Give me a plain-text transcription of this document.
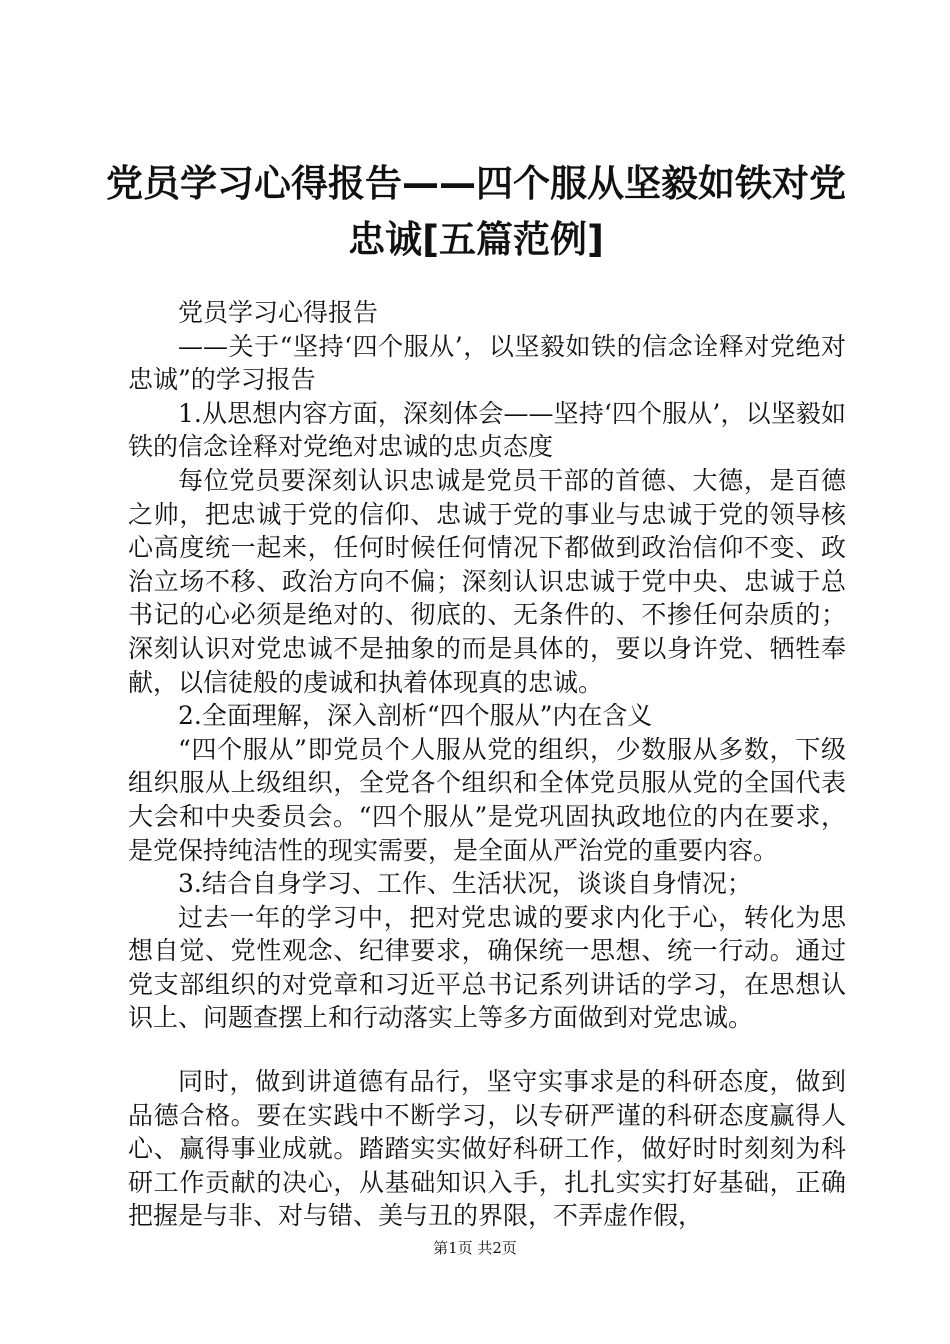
党员学习心得报告——四个服从坚毅如铁对党
忠诚[五篇范例]

党员学习心得报告

——关于“坚持‘四个服从’，以坚毅如铁的信念诠释对党绝对忠诚”的学习报告

1.从思想内容方面，深刻体会——坚持‘四个服从’，以坚毅如铁的信念诠释对党绝对忠诚的忠贞态度

每位党员要深刻认识忠诚是党员干部的首德、大德，是百德之帅，把忠诚于党的信仰、忠诚于党的事业与忠诚于党的领导核心高度统一起来，任何时候任何情况下都做到政治信仰不变、政治立场不移、政治方向不偏；深刻认识忠诚于党中央、忠诚于总书记的心必须是绝对的、彻底的、无条件的、不掺任何杂质的；深刻认识对党忠诚不是抽象的而是具体的，要以身许党、牺牲奉献，以信徒般的虔诚和执着体现真的忠诚。

2.全面理解，深入剖析“四个服从”内在含义

“四个服从”即党员个人服从党的组织，少数服从多数，下级组织服从上级组织，全党各个组织和全体党员服从党的全国代表大会和中央委员会。“四个服从”是党巩固执政地位的内在要求，是党保持纯洁性的现实需要，是全面从严治党的重要内容。

3.结合自身学习、工作、生活状况，谈谈自身情况；

过去一年的学习中，把对党忠诚的要求内化于心，转化为思想自觉、党性观念、纪律要求，确保统一思想、统一行动。通过党支部组织的对党章和习近平总书记系列讲话的学习，在思想认识上、问题查摆上和行动落实上等多方面做到对党忠诚。

同时，做到讲道德有品行，坚守实事求是的科研态度，做到品德合格。要在实践中不断学习，以专研严谨的科研态度赢得人心、赢得事业成就。踏踏实实做好科研工作，做好时时刻刻为科研工作贡献的决心，从基础知识入手，扎扎实实打好基础，正确把握是与非、对与错、美与丑的界限，不弄虚作假，

第1页 共2页
